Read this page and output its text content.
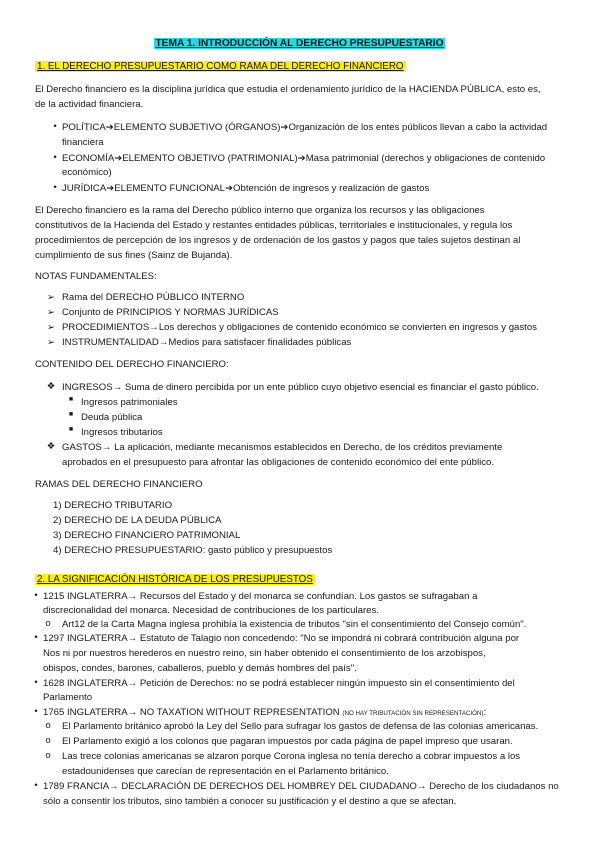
TEMA 1. INTRODUCCIÓN AL DERECHO PRESUPUESTARIO
1. EL DERECHO PRESUPUESTARIO COMO RAMA DEL DERECHO FINANCIERO
El Derecho financiero es la disciplina jurídica que estudia el ordenamiento jurídico de la HACIENDA PÚBLICA, esto es,
de la actividad financiera.
• POLÍTICA➔ELEMENTO SUBJETIVO (ÓRGANOS)➔Organización de los entes públicos llevan a cabo la actividad
financiera
• ECONOMÍA➔ELEMENTO OBJETIVO (PATRIMONIAL)➔Masa patrimonial (derechos y obligaciones de contenido
económico)
• JURÍDICA➔ELEMENTO FUNCIONAL➔Obtención de ingresos y realización de gastos
El Derecho financiero es la rama del Derecho público interno que organiza los recursos y las obligaciones
constitutivos de la Hacienda del Estado y restantes entidades públicas, territoriales e institucionales, y regula los
procedimientos de percepción de los ingresos y de ordenación de los gastos y pagos que tales sujetos destinan al
cumplimiento de sus fines (Sainz de Bujanda).
NOTAS FUNDAMENTALES:
➢ Rama del DERECHO PÚBLICO INTERNO
➢ Conjunto de PRINCIPIOS Y NORMAS JURÍDICAS
➢ PROCEDIMIENTOS→Los derechos y obligaciones de contenido económico se convierten en ingresos y gastos
➢ INSTRUMENTALIDAD→Medios para satisfacer finalidades públicas
CONTENIDO DEL DERECHO FINANCIERO:
❖ INGRESOS→ Suma de dinero percibida por un ente público cuyo objetivo esencial es financiar el gasto público.
■ Ingresos patrimoniales
■ Deuda pública
■ Ingresos tributarios
❖ GASTOS→ La aplicación, mediante mecanismos establecidos en Derecho, de los créditos previamente
aprobados en el presupuesto para afrontar las obligaciones de contenido económico del ente público.
RAMAS DEL DERECHO FINANCIERO
1) DERECHO TRIBUTARIO
2) DERECHO DE LA DEUDA PÚBLICA
3) DERECHO FINANCIERO PATRIMONIAL
4) DERECHO PRESUPUESTARIO: gasto público y presupuestos
2. LA SIGNIFICACIÓN HISTÓRICA DE LOS PRESUPUESTOS
• 1215 INGLATERRA→ Recursos del Estado y del monarca se confundían. Los gastos se sufragaban a
discrecionalidad del monarca. Necesidad de contribuciones de los particulares.
o Art12 de la Carta Magna inglesa prohibía la existencia de tributos "sin el consentimiento del Consejo común".
• 1297 INGLATERRA→ Estatuto de Talagio non concedendo: "No se impondrá ni cobrará contribución alguna por
Nos ni por nuestros herederos en nuestro reino, sin haber obtenido el consentimiento de los arzobispos,
obispos, condes, barones, caballeros, pueblo y demás hombres del país".
• 1628 INGLATERRA→ Petición de Derechos: no se podrá establecer ningún impuesto sin el consentimiento del
Parlamento
• 1765 INGLATERRA→ NO TAXATION WITHOUT REPRESENTATION (NO HAY TRIBUTACIÓN SIN REPRESENTACIÓN):
o El Parlamento británico aprobó la Ley del Sello para sufragar los gastos de defensa de las colonias americanas.
o El Parlamento exigió a los colonos que pagaran impuestos por cada página de papel impreso que usaran.
o Las trece colonias americanas se alzaron porque Corona inglesa no tenía derecho a cobrar impuestos a los
estadounidenses que carecían de representación en el Parlamento británico.
• 1789 FRANCIA→ DECLARACIÓN DE DERECHOS DEL HOMBREY DEL CIUDADANO→ Derecho de los ciudadanos no
sólo a consentir los tributos, sino también a conocer su justificación y el destino a que se afectan.
